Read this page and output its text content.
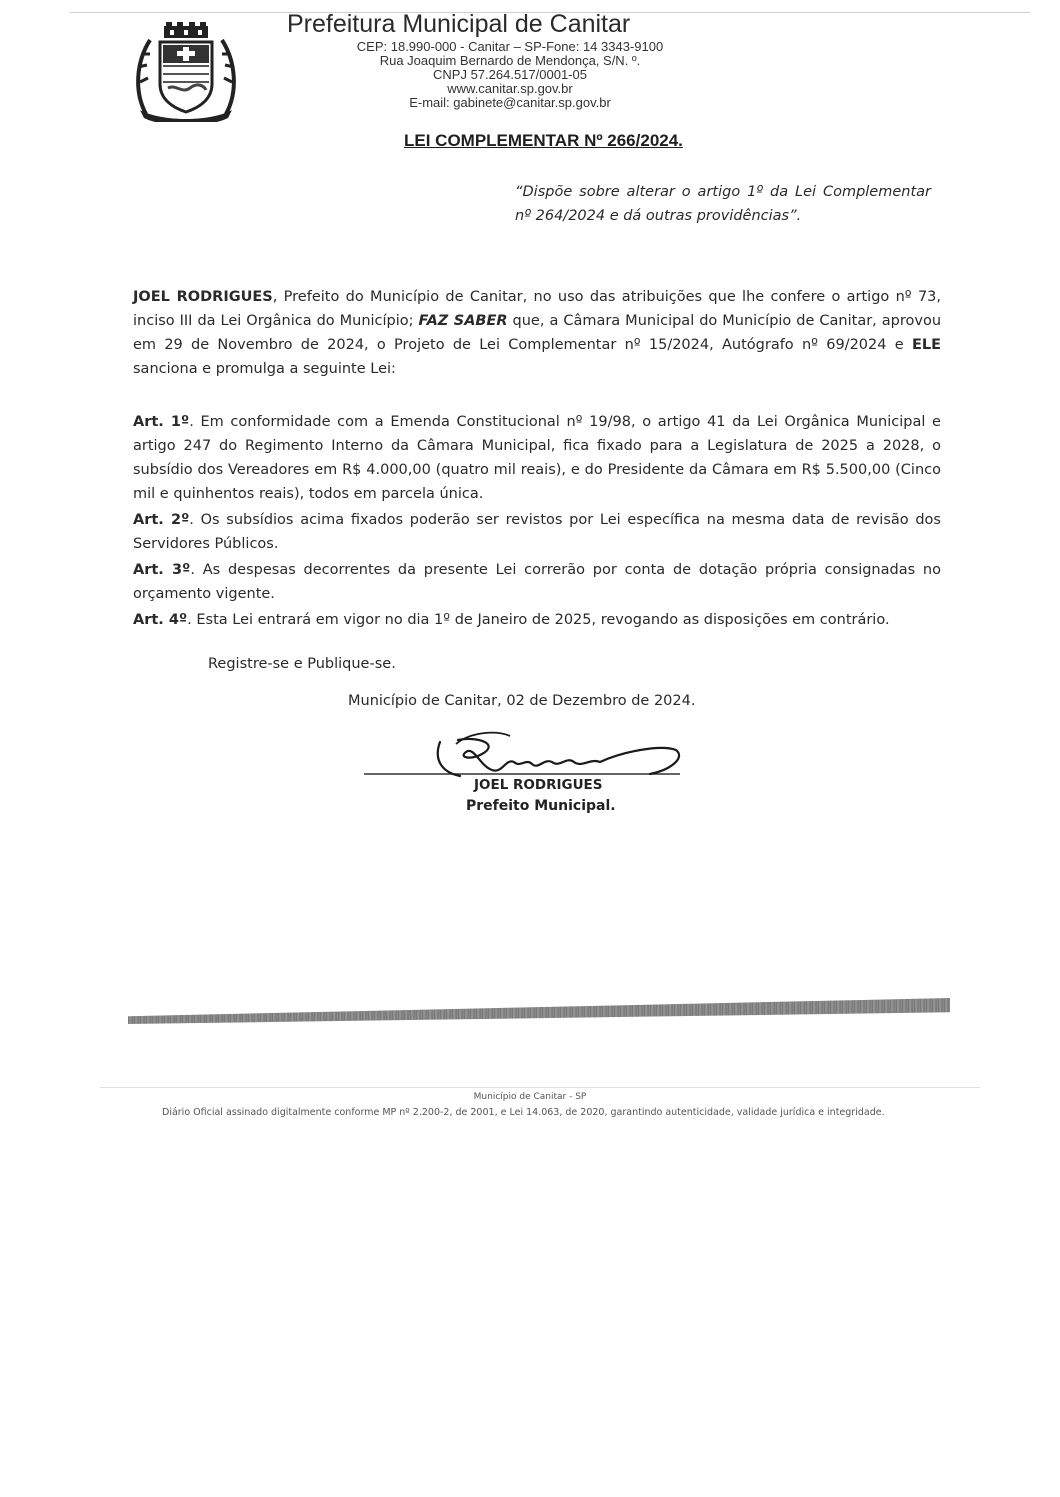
Prefeitura Municipal de Canitar
CEP: 18.990-000 - Canitar – SP-Fone: 14 3343-9100
Rua Joaquim Bernardo de Mendonça, S/N. º.
CNPJ 57.264.517/0001-05
www.canitar.sp.gov.br
E-mail: gabinete@canitar.sp.gov.br
LEI COMPLEMENTAR Nº 266/2024.
“Dispõe sobre alterar o artigo 1º da Lei Complementar nº 264/2024 e dá outras providências”.
JOEL RODRIGUES, Prefeito do Município de Canitar, no uso das atribuições que lhe confere o artigo nº 73, inciso III da Lei Orgânica do Município; FAZ SABER que, a Câmara Municipal do Município de Canitar, aprovou em 29 de Novembro de 2024, o Projeto de Lei Complementar nº 15/2024, Autógrafo nº 69/2024 e ELE sanciona e promulga a seguinte Lei:
Art. 1º. Em conformidade com a Emenda Constitucional nº 19/98, o artigo 41 da Lei Orgânica Municipal e artigo 247 do Regimento Interno da Câmara Municipal, fica fixado para a Legislatura de 2025 a 2028, o subsídio dos Vereadores em R$ 4.000,00 (quatro mil reais), e do Presidente da Câmara em R$ 5.500,00 (Cinco mil e quinhentos reais), todos em parcela única.
Art. 2º. Os subsídios acima fixados poderão ser revistos por Lei específica na mesma data de revisão dos Servidores Públicos.
Art. 3º. As despesas decorrentes da presente Lei correrão por conta de dotação própria consignadas no orçamento vigente.
Art. 4º. Esta Lei entrará em vigor no dia 1º de Janeiro de 2025, revogando as disposições em contrário.
Registre-se e Publique-se.
Município de Canitar, 02 de Dezembro de 2024.
JOEL RODRIGUES
Prefeito Municipal.
Município de Canitar - SP
Diário Oficial assinado digitalmente conforme MP nº 2.200-2, de 2001, e Lei 14.063, de 2020, garantindo autenticidade, validade jurídica e integridade.
